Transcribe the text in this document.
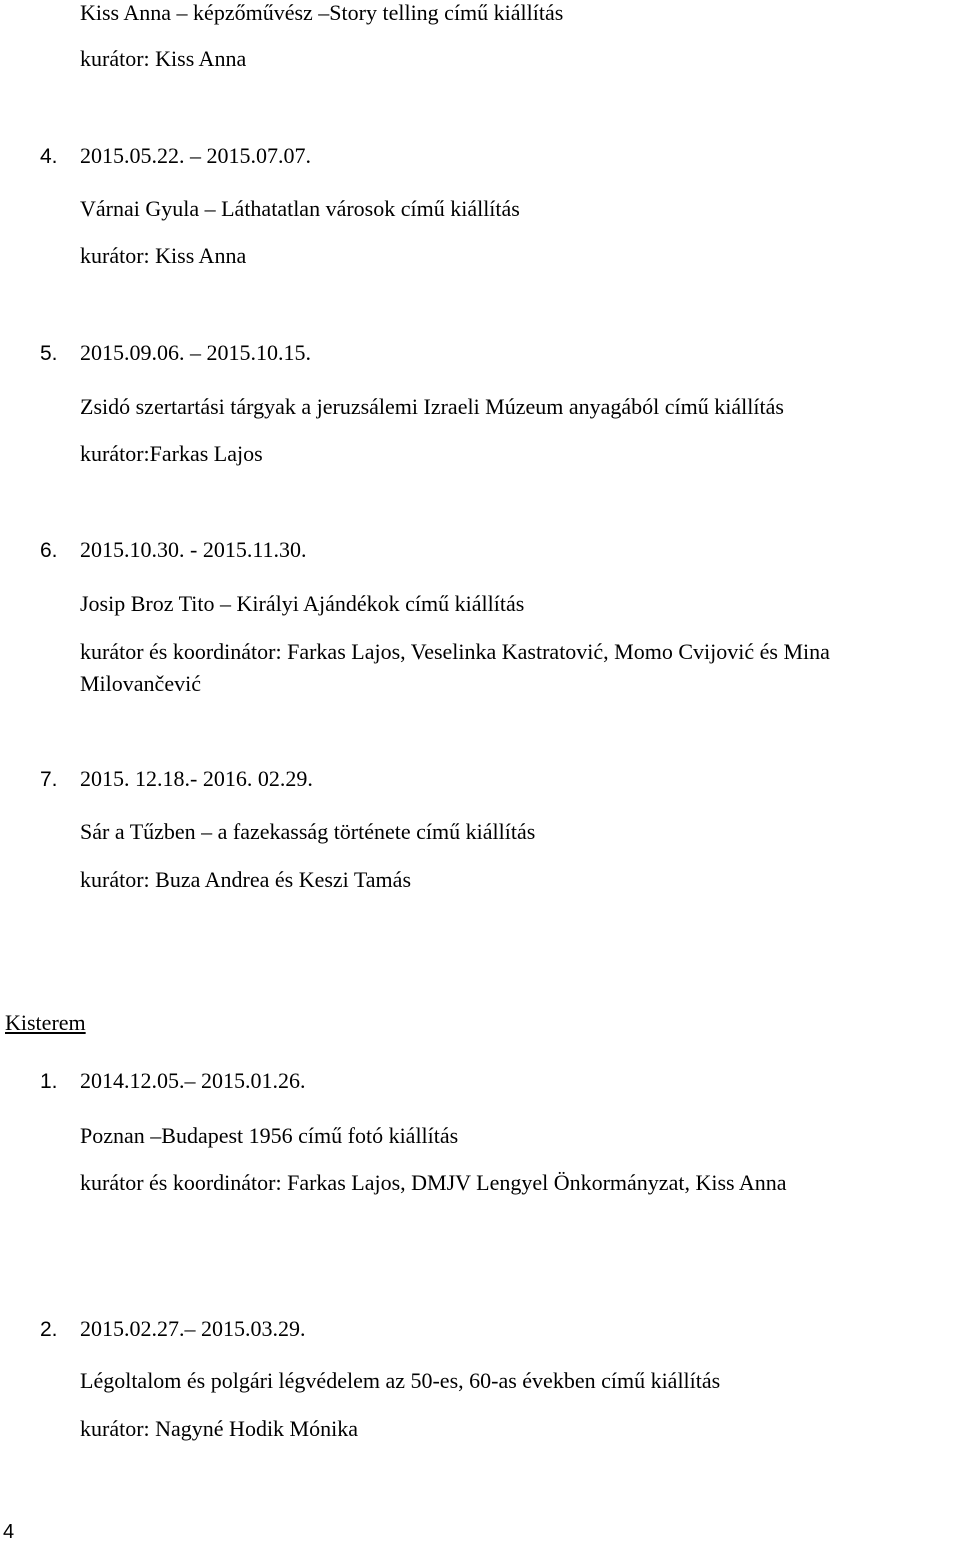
Kiss Anna – képzőművész –Story telling című kiállítás
kurátor: Kiss Anna
4. 2015.05.22. – 2015.07.07.
Várnai Gyula – Láthatatlan városok című kiállítás
kurátor: Kiss Anna
5. 2015.09.06. – 2015.10.15.
Zsidó szertartási tárgyak a jeruzsálemi Izraeli Múzeum anyagából című kiállítás
kurátor:Farkas Lajos
6. 2015.10.30. - 2015.11.30.
Josip Broz Tito – Királyi Ajándékok című kiállítás
kurátor és koordinátor: Farkas Lajos, Veselinka Kastratović, Momo Cvijović és Mina
Milovančević
7. 2015. 12.18.- 2016. 02.29.
Sár a Tűzben – a fazekasság története című kiállítás
kurátor: Buza Andrea és Keszi Tamás
Kisterem
1. 2014.12.05.– 2015.01.26.
Poznan –Budapest 1956 című fotó kiállítás
kurátor és koordinátor: Farkas Lajos, DMJV Lengyel Önkormányzat, Kiss Anna
2. 2015.02.27.– 2015.03.29.
Légoltalom és polgári légvédelem az 50-es, 60-as években című kiállítás
kurátor: Nagyné Hodik Mónika
4
